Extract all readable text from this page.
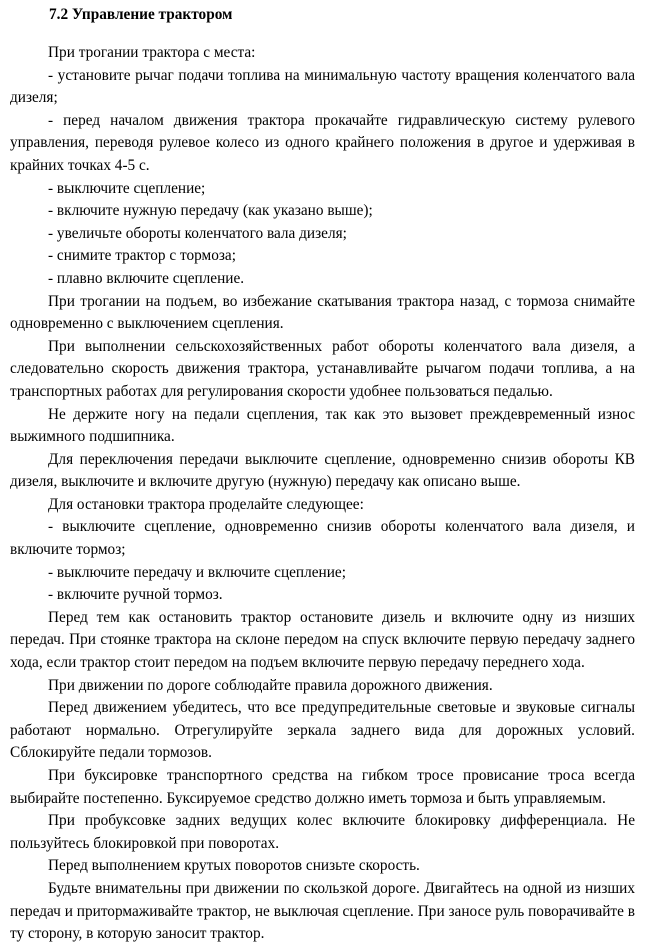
7.2 Управление трактором

При трогании трактора с места:

- установите рычаг подачи топлива на минимальную частоту вращения коленчатого вала дизеля;

- перед началом движения трактора прокачайте гидравлическую систему рулевого управления, переводя рулевое колесо из одного крайнего положения в другое и удерживая в крайних точках 4-5 с.

- выключите сцепление;

- включите нужную передачу (как указано выше);

- увеличьте обороты коленчатого вала дизеля;

- снимите трактор с тормоза;

- плавно включите сцепление.

При трогании на подъем, во избежание скатывания трактора назад, с тормоза снимайте одновременно с выключением сцепления.

При выполнении сельскохозяйственных работ обороты коленчатого вала дизеля, а следовательно скорость движения трактора, устанавливайте рычагом подачи топлива, а на транспортных работах для регулирования скорости удобнее пользоваться педалью.

Не держите ногу на педали сцепления, так как это вызовет преждевременный износ выжимного подшипника.

Для переключения передачи выключите сцепление, одновременно снизив обороты КВ дизеля, выключите и включите другую (нужную) передачу как описано выше.

Для остановки трактора проделайте следующее:

- выключите сцепление, одновременно снизив обороты коленчатого вала дизеля, и включите тормоз;

- выключите передачу и включите сцепление;

- включите ручной тормоз.

Перед тем как остановить трактор остановите дизель и включите одну из низших передач. При стоянке трактора на склоне передом на спуск включите первую передачу заднего хода, если трактор стоит передом на подъем включите первую передачу переднего хода.

При движении по дороге соблюдайте правила дорожного движения.

Перед движением убедитесь, что все предупредительные световые и звуковые сигналы работают нормально. Отрегулируйте зеркала заднего вида для дорожных условий. Сблокируйте педали тормозов.

При буксировке транспортного средства на гибком тросе провисание троса всегда выбирайте постепенно. Буксируемое средство должно иметь тормоза и быть управляемым.

При пробуксовке задних ведущих колес включите блокировку дифференциала. Не пользуйтесь блокировкой при поворотах.

Перед выполнением крутых поворотов снизьте скорость.

Будьте внимательны при движении по скользкой дороге. Двигайтесь на одной из низших передач и притормаживайте трактор, не выключая сцепление. При заносе руль поворачивайте в ту сторону, в которую заносит трактор.
